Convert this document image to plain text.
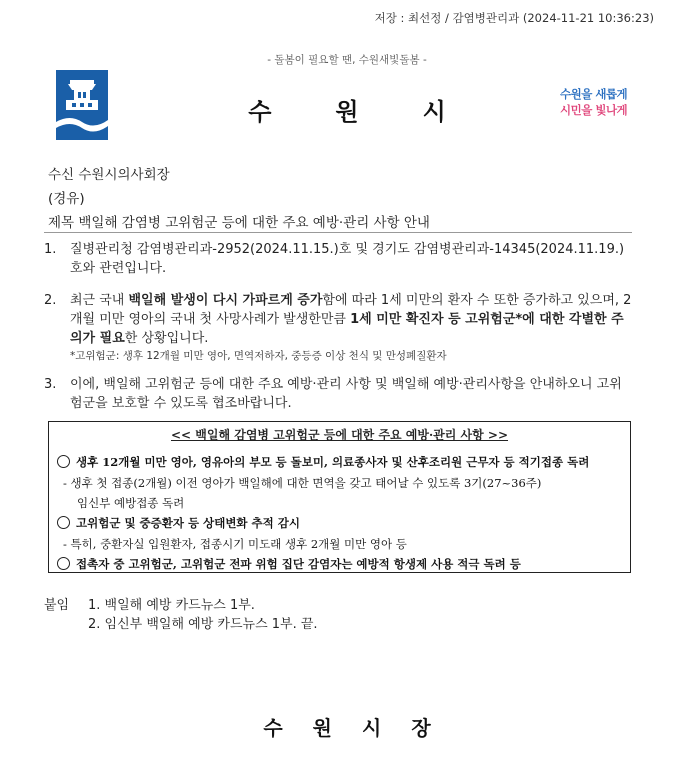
저장 : 최선정 / 감염병관리과 (2024-11-21 10:36:23)
- 돌봄이 필요할 땐, 수원새빛돌봄 -
수원시
수원을 새롭게
시민을 빛나게
수신 수원시의사회장
(경유)
제목 백일해 감염병 고위험군 등에 대한 주요 예방·관리 사항 안내
1. 질병관리청 감염병관리과-2952(2024.11.15.)호 및 경기도 감염병관리과-14345(2024.11.19.) 호와 관련입니다.
2. 최근 국내 백일해 발생이 다시 가파르게 증가함에 따라 1세 미만의 환자 수 또한 증가하고 있으며, 2개월 미만 영아의 국내 첫 사망사례가 발생한만큼 1세 미만 확진자 등 고위험군*에 대한 각별한 주의가 필요한 상황입니다.
*고위험군: 생후 12개월 미만 영아, 면역저하자, 중등증 이상 천식 및 만성폐질환자
3. 이에, 백일해 고위험군 등에 대한 주요 예방·관리 사항 및 백일해 예방·관리사항을 안내하오니 고위험군을 보호할 수 있도록 협조바랍니다.
<< 백일해 감염병 고위험군 등에 대한 주요 예방·관리 사항 >>
생후 12개월 미만 영아, 영유아의 부모 등 돌보미, 의료종사자 및 산후조리원 근무자 등 적기접종 독려
- 생후 첫 접종(2개월) 이전 영아가 백일해에 대한 면역을 갖고 태어날 수 있도록 3기(27~36주)
임신부 예방접종 독려
고위험군 및 중증환자 등 상태변화 추적 감시
- 특히, 중환자실 입원환자, 접종시기 미도래 생후 2개월 미만 영아 등
접촉자 중 고위험군, 고위험군 전파 위험 집단 감염자는 예방적 항생제 사용 적극 독려 등
붙임 1. 백일해 예방 카드뉴스 1부.
2. 임신부 백일해 예방 카드뉴스 1부. 끝.
수원시장
